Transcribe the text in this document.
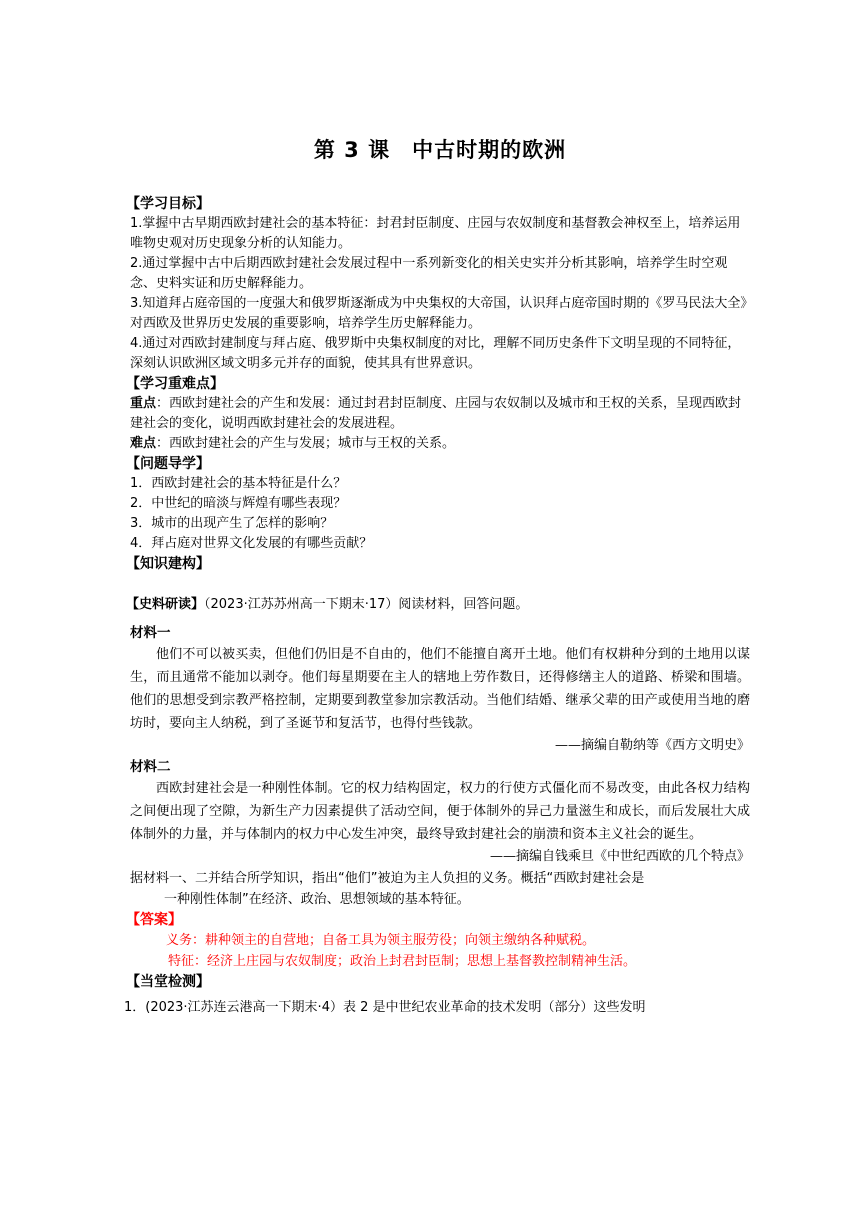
第 3 课　中古时期的欧洲
【学习目标】
1.掌握中古早期西欧封建社会的基本特征：封君封臣制度、庄园与农奴制度和基督教会神权至上，培养运用唯物史观对历史现象分析的认知能力。
2.通过掌握中古中后期西欧封建社会发展过程中一系列新变化的相关史实并分析其影响，培养学生时空观念、史料实证和历史解释能力。
3.知道拜占庭帝国的一度强大和俄罗斯逐渐成为中央集权的大帝国，认识拜占庭帝国时期的《罗马民法大全》对西欧及世界历史发展的重要影响，培养学生历史解释能力。
4.通过对西欧封建制度与拜占庭、俄罗斯中央集权制度的对比，理解不同历史条件下文明呈现的不同特征，深刻认识欧洲区域文明多元并存的面貌，使其具有世界意识。
【学习重难点】
重点：西欧封建社会的产生和发展：通过封君封臣制度、庄园与农奴制以及城市和王权的关系，呈现西欧封建社会的变化，说明西欧封建社会的发展进程。
难点：西欧封建社会的产生与发展；城市与王权的关系。
【问题导学】
1．西欧封建社会的基本特征是什么？
2．中世纪的暗淡与辉煌有哪些表现？
3．城市的出现产生了怎样的影响？
4．拜占庭对世界文化发展的有哪些贡献？
【知识建构】
【史料研读】（2023·江苏苏州高一下期末·17）阅读材料，回答问题。
材料一
他们不可以被买卖，但他们仍旧是不自由的，他们不能擅自离开土地。他们有权耕种分到的土地用以谋生，而且通常不能加以剥夺。他们每星期要在主人的辖地上劳作数日，还得修缮主人的道路、桥梁和围墙。他们的思想受到宗教严格控制，定期要到教堂参加宗教活动。当他们结婚、继承父辈的田产或使用当地的磨坊时，要向主人纳税，到了圣诞节和复活节，也得付些钱款。
——摘编自勒纳等《西方文明史》
材料二
西欧封建社会是一种刚性体制。它的权力结构固定，权力的行使方式僵化而不易改变，由此各权力结构之间便出现了空隙，为新生产力因素提供了活动空间，便于体制外的异己力量滋生和成长，而后发展壮大成体制外的力量，并与体制内的权力中心发生冲突，最终导致封建社会的崩溃和资本主义社会的诞生。
——摘编自钱乘旦《中世纪西欧的几个特点》
据材料一、二并结合所学知识，指出“他们”被迫为主人负担的义务。概括“西欧封建社会是
一种刚性体制”在经济、政治、思想领域的基本特征。
【答案】
义务：耕种领主的自营地；自备工具为领主服劳役；向领主缴纳各种赋税。
特征：经济上庄园与农奴制度；政治上封君封臣制；思想上基督教控制精神生活。
【当堂检测】
1．(2023·江苏连云港高一下期末·4）表 2 是中世纪农业革命的技术发明（部分）这些发明
